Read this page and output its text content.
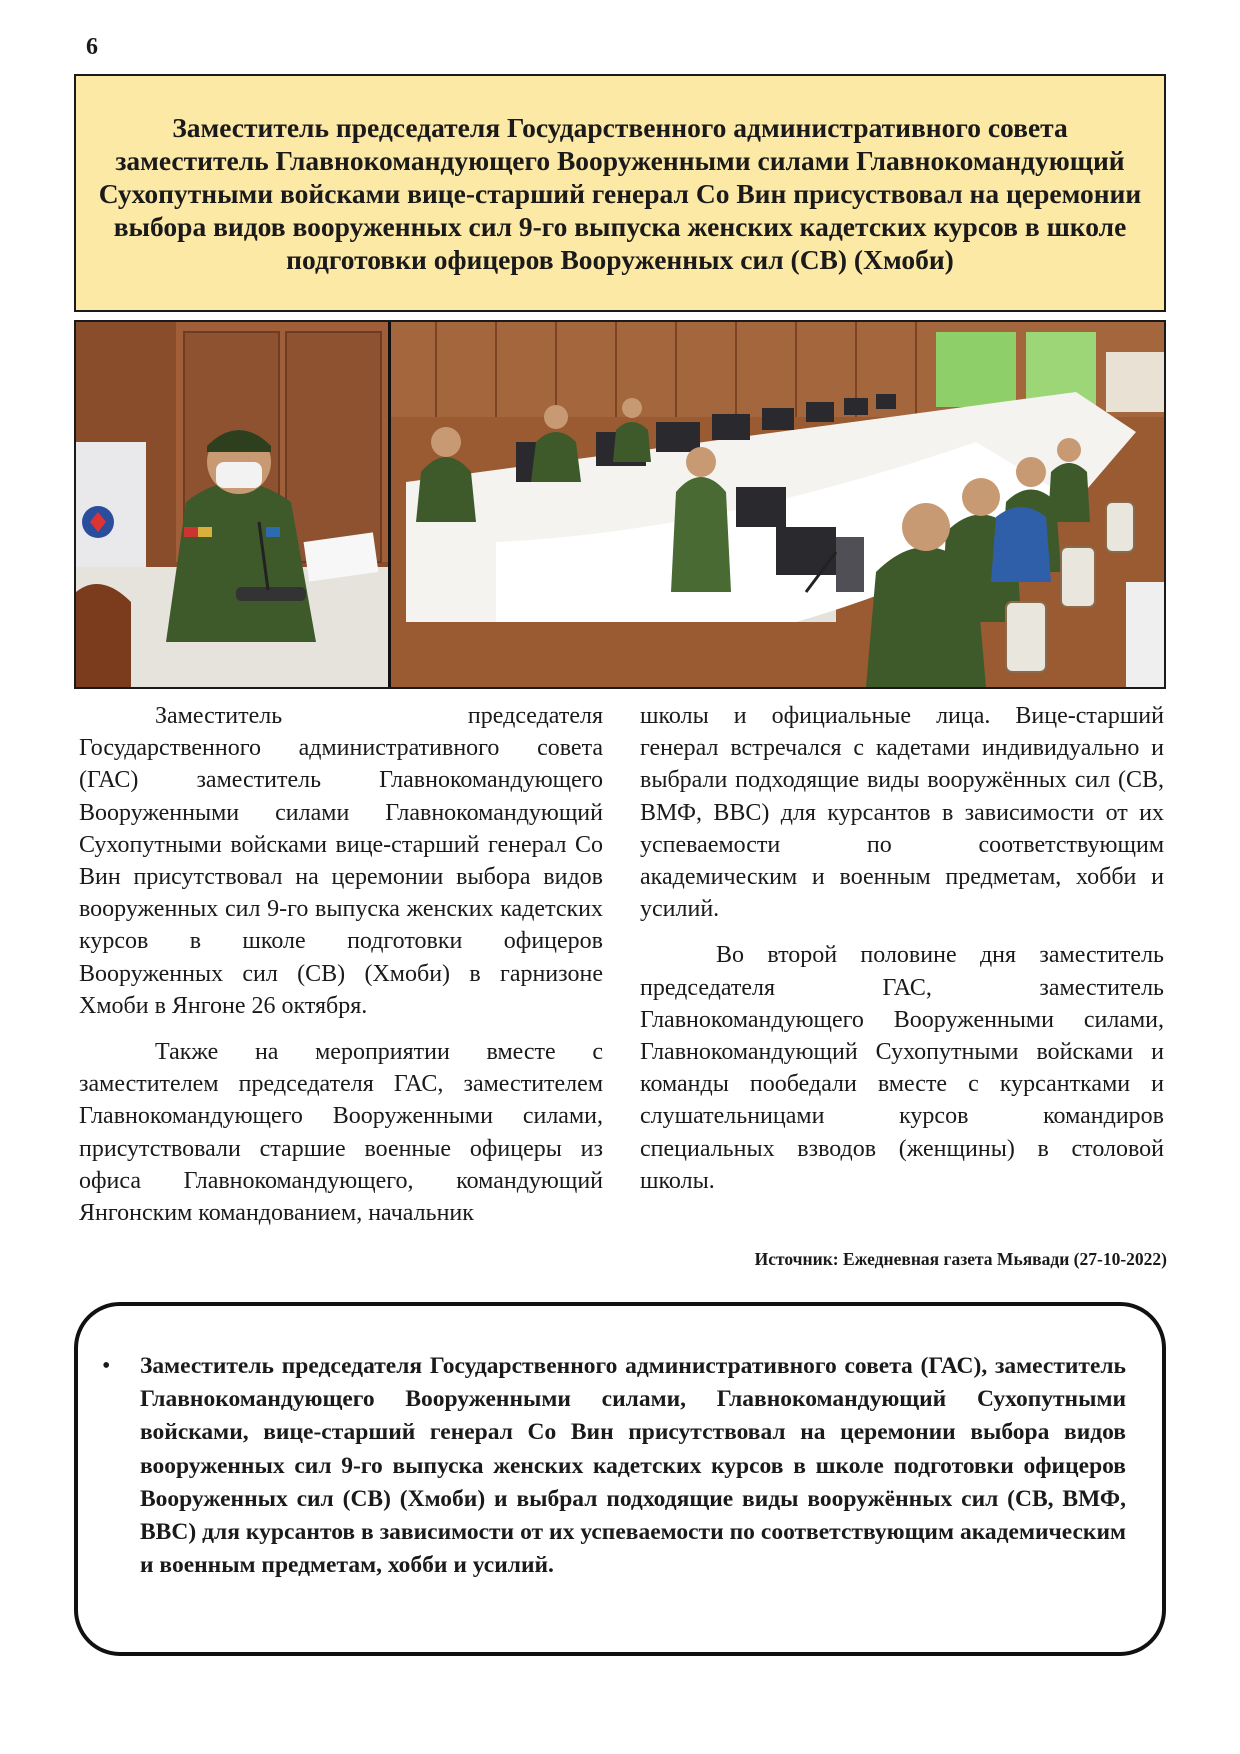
6

Заместитель председателя Государственного административного совета заместитель Главнокомандующего Вооруженными силами Главнокомандующий Сухопутными войсками вице-старший генерал Со Вин присуствовал на церемонии выбора видов вооруженных сил 9-го выпуска женских кадетских курсов в школе подготовки офицеров Вооруженных сил (СВ) (Хмоби)

Заместитель председателя Государственного административного совета (ГАС) заместитель Главнокомандующего Вооруженными силами Главнокомандующий Сухопутными войсками вице-старший генерал Со Вин присутствовал на церемонии выбора видов вооруженных сил 9-го выпуска женских кадетских курсов в школе подготовки офицеров Вооруженных сил (СВ) (Хмоби) в гарнизоне Хмоби в Янгоне 26 октября.

Также на мероприятии вместе с заместителем председателя ГАС, заместителем Главнокомандующего Вооруженными силами, присутствовали старшие военные офицеры из офиса Главнокомандующего, командующий Янгонским командованием, начальник

школы и официальные лица. Вице-старший генерал встречался с кадетами индивидуально и выбрали подходящие виды вооружённых сил (СВ, ВМФ, ВВС) для курсантов в зависимости от их успеваемости по соответствующим академическим и военным предметам, хобби и усилий.

Во второй половине дня заместитель председателя ГАС, заместитель Главнокомандующего Вооруженными силами, Главнокомандующий Сухопутными войсками и команды пообедали вместе с курсантками и слушательницами курсов командиров специальных взводов (женщины) в столовой школы.

Источник: Ежедневная газета Мьявади (27-10-2022)
• Заместитель председателя Государственного административного совета (ГАС), заместитель Главнокомандующего Вооруженными силами, Главнокомандующий Сухопутными войсками, вице-старший генерал Со Вин присутствовал на церемонии выбора видов вооруженных сил 9-го выпуска женских кадетских курсов в школе подготовки офицеров Вооруженных сил (СВ) (Хмоби) и выбрал подходящие виды вооружённых сил (СВ, ВМФ, ВВС) для курсантов в зависимости от их успеваемости по соответствующим академическим и военным предметам, хобби и усилий.
